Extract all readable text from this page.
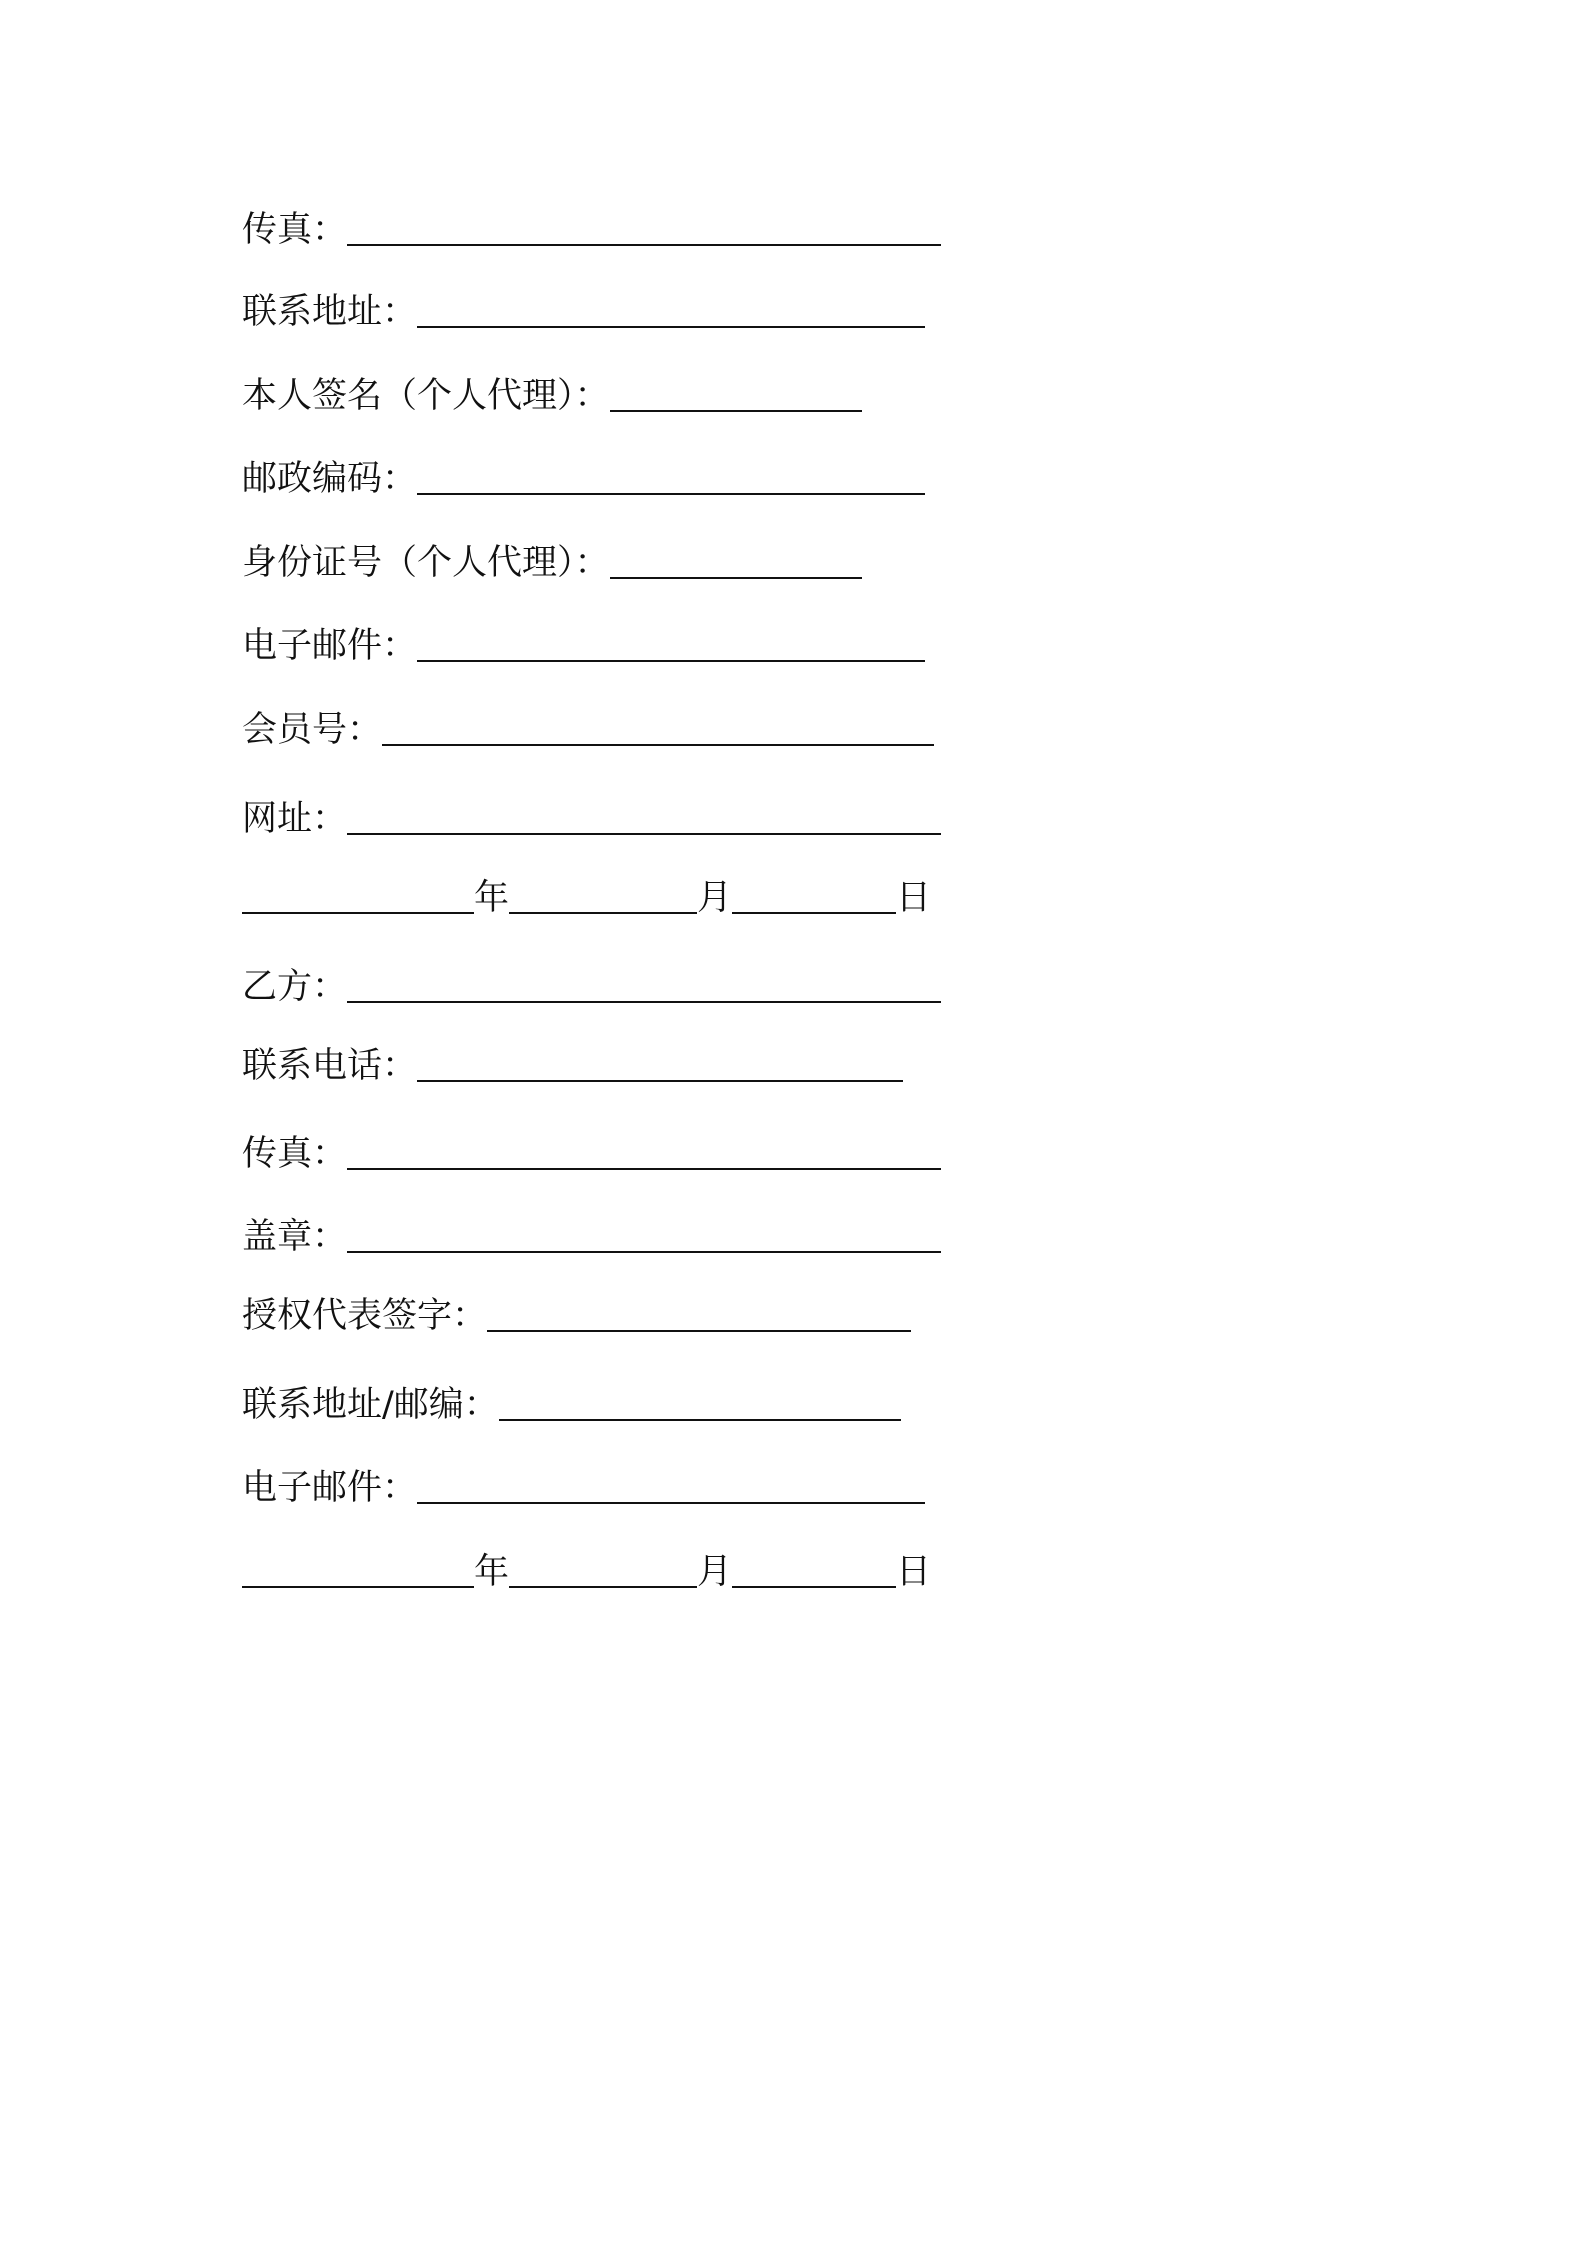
传真：
联系地址：
本人签名（个人代理）：
邮政编码：
身份证号（个人代理）：
电子邮件：
会员号：
网址：
年	月	日
乙方：
联系电话：
传真：
盖章：
授权代表签字：
联系地址/邮编：
电子邮件：
年	月	日
